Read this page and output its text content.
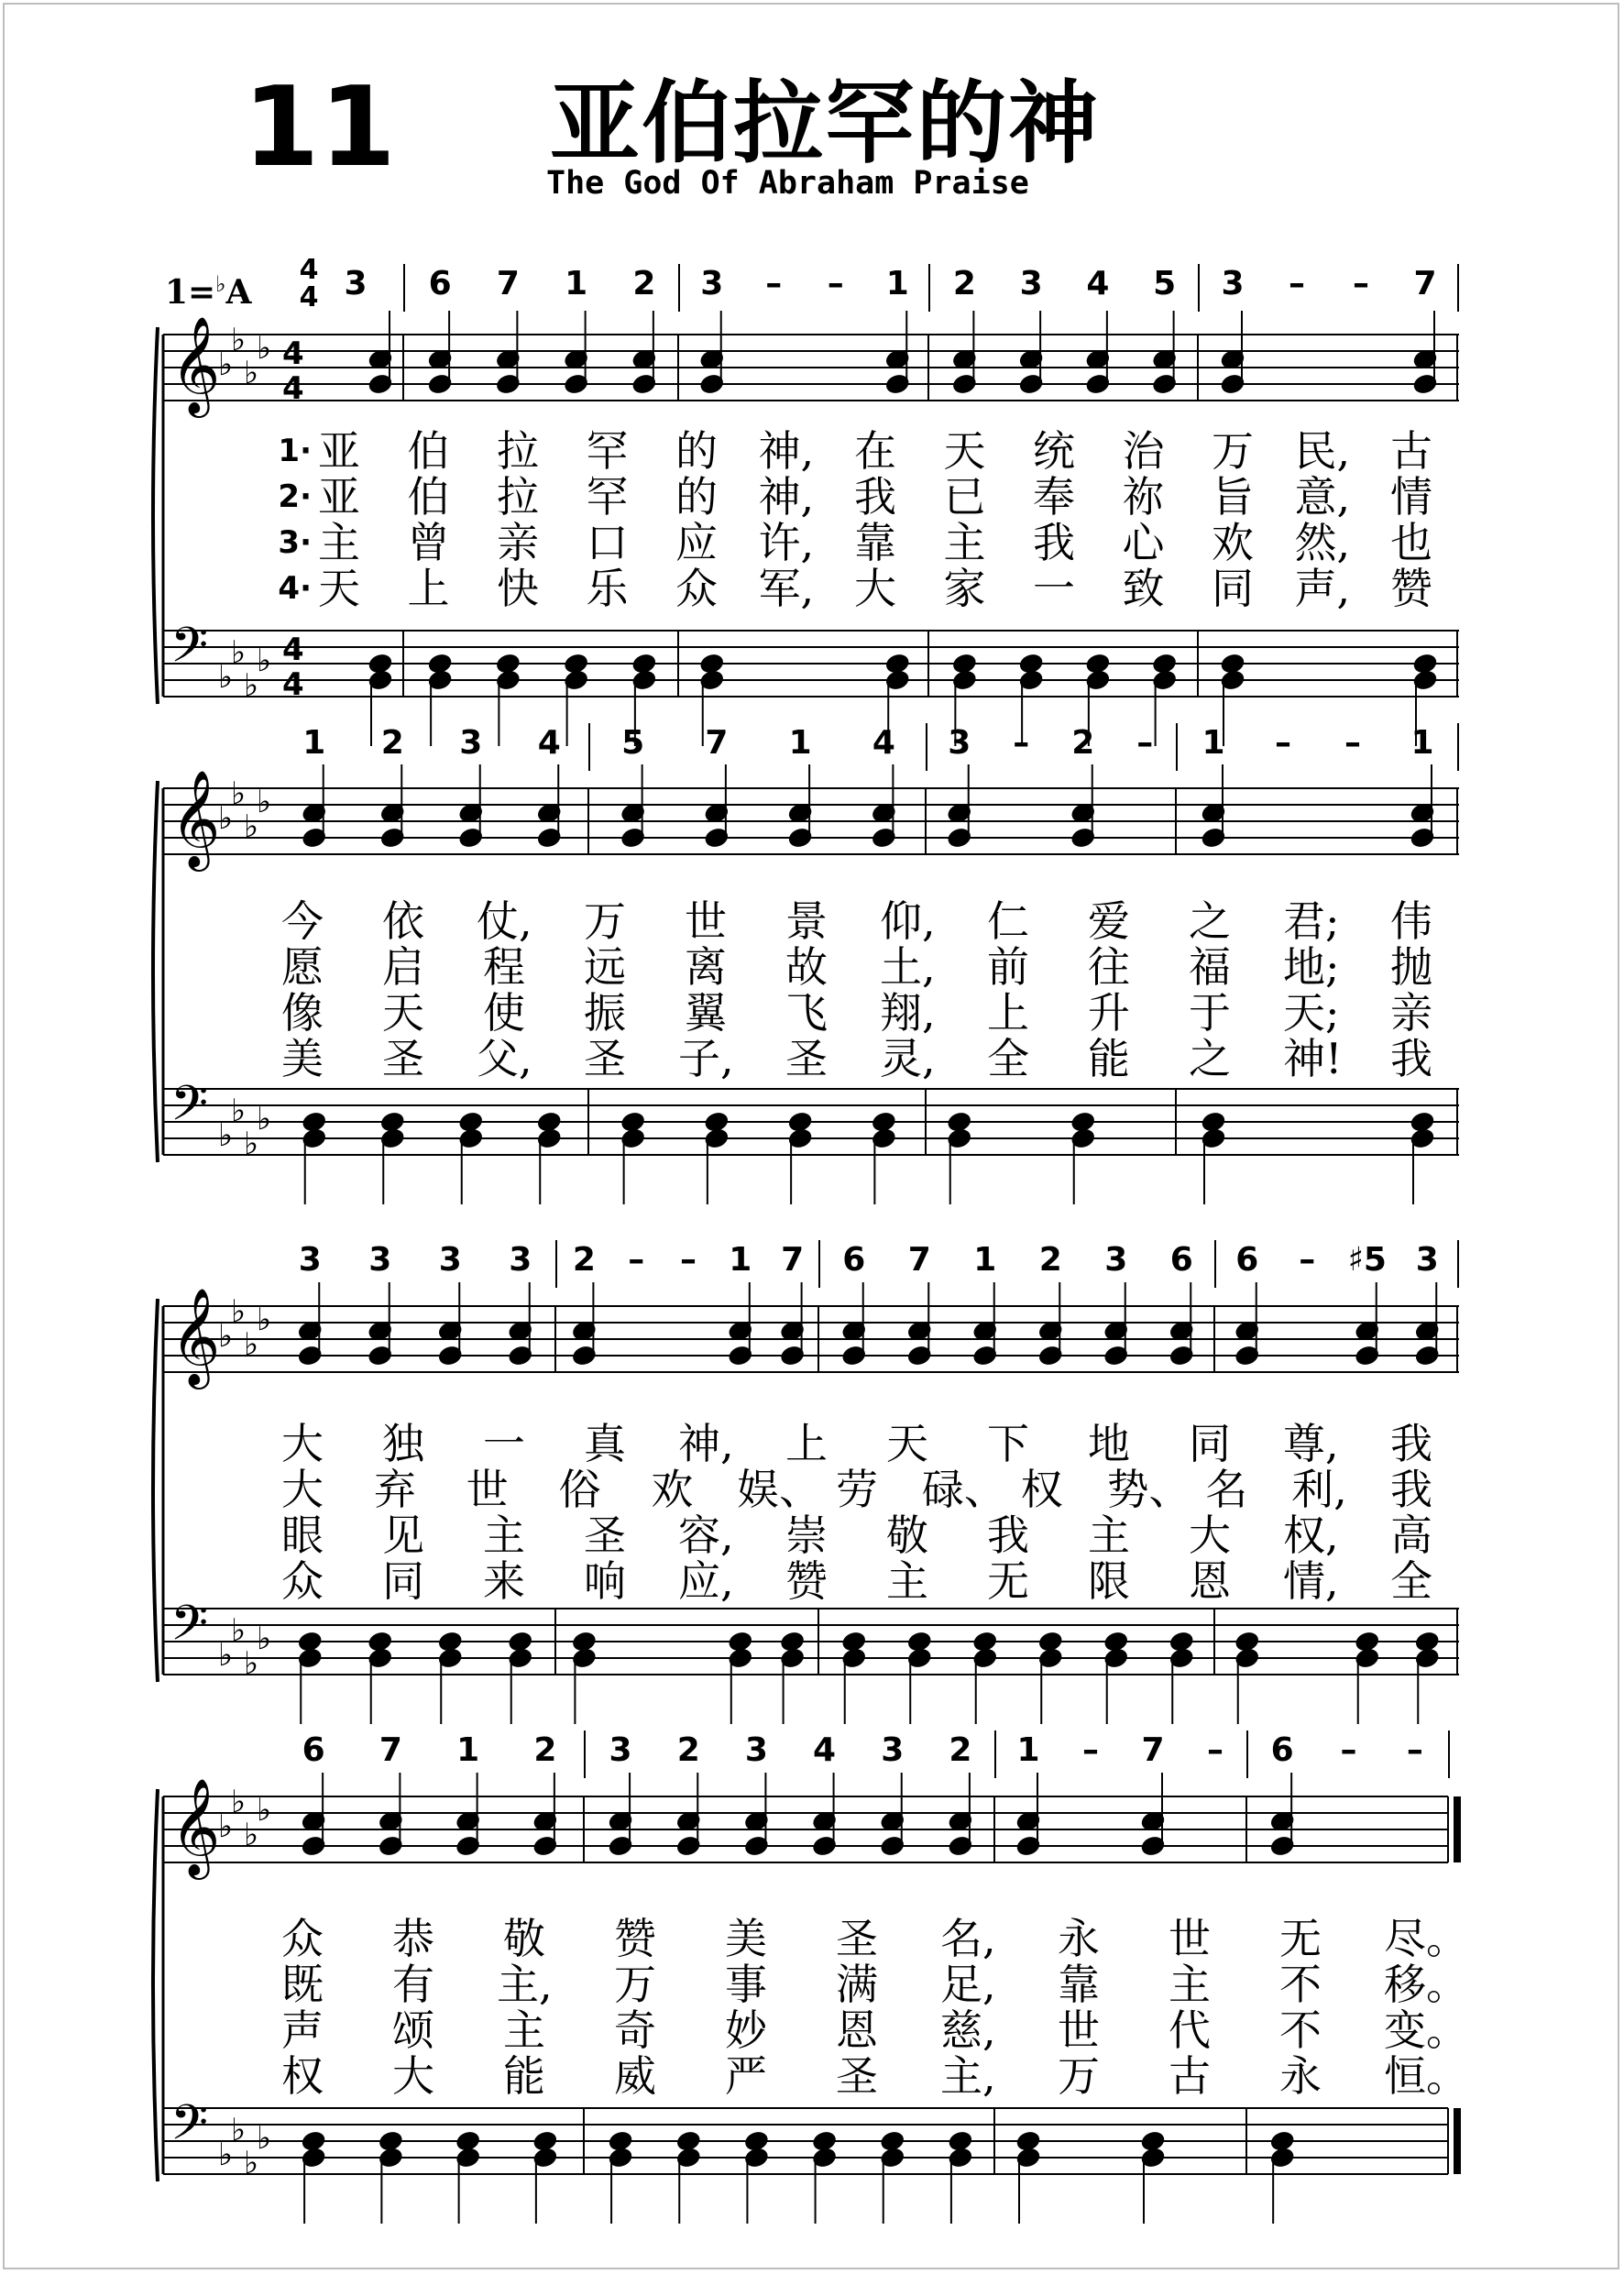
11 亚伯拉罕的神
The God Of Abraham Praise
1=♭A
4
4
𝄞
♭
♭
♭
♭ 4
4
𝄢 ♭
♭
♭
♭ 4
4
𝄞
♭
♭
♭
♭
𝄢 ♭
♭
♭
♭
𝄞
♭
♭
♭
♭
𝄢 ♭
♭
♭
♭
𝄞
♭
♭
♭
♭
𝄢 ♭
♭
♭
♭
3	6	7	1	2	3	–	–	1	2	3	4	5	3	–	–	7
1· 亚 伯 拉 罕 的 神, 在 天 统 治 万 民, 古
2· 亚 伯 拉 罕 的 神, 我 已 奉 祢 旨 意, 情
3· 主 曾 亲 口 应 许, 靠 主 我 心 欢 然, 也
4· 天 上 快 乐 众 军, 大 家 一 致 同 声, 赞
1	2	3	4	5	7	1	4	3	–	2	–	1	–	–	1
今 依 仗, 万 世 景 仰, 仁 爱 之 君; 伟
愿 启 程 远 离 故 土, 前 往 福 地; 抛
像 天 使 振 翼 飞 翔, 上 升 于 天; 亲
美 圣 父, 圣 子, 圣 灵, 全 能 之 神! 我
3	3	3	3	2 –	– 1 7	6	7	1	2	3	6	6	– ♯5 3
大 独 一 真 神, 上 天 下 地 同 尊, 我
大 弃 世 俗 欢 娱、 劳 碌、 权 势、 名 利, 我
眼 见 主 圣 容, 崇 敬 我 主 大 权, 高
众 同 来 响 应, 赞 主 无 限 恩 情, 全
6	7	1	2	3	2	3	4	3	2	1	–	7	–	6	–	–
众 恭 敬 赞 美 圣 名, 永 世 无 尽。
既 有 主, 万 事 满 足, 靠 主 不 移。
声 颂 主 奇 妙 恩 慈, 世 代 不 变。
权 大 能 威 严 圣 主, 万 古 永 恒。
